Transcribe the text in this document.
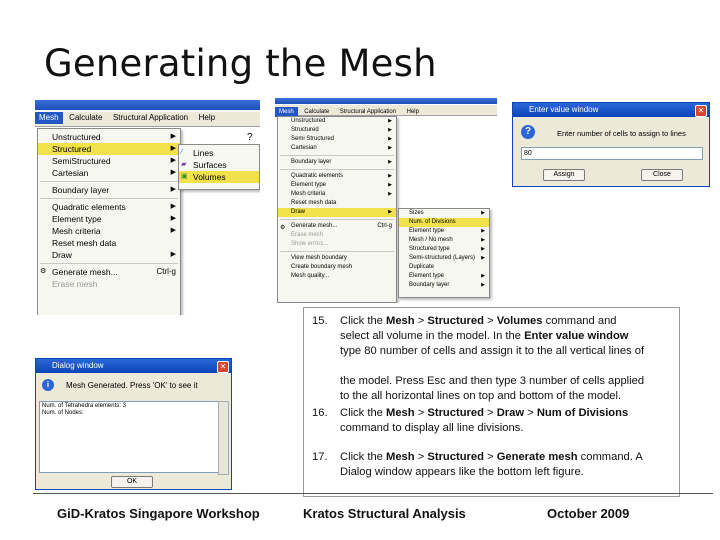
Generating the Mesh
Mesh Calculate Structural Application Help
Unstructured	▶
Structured	▶
SemiStructured	▶
Cartesian	▶
Boundary layer	▶
Quadratic elements	▶
Element type	▶
Mesh criteria	▶
Reset mesh data
Draw	▶
⚙ Generate mesh...	Ctrl-g
Erase mesh
⁄	Lines
▰ Surfaces
▣ Volumes
?
Mesh Calculate Structural Application Help
Unstructured	▶
Structured	▶
Semi Structured	▶
Cartesian	▶
Boundary layer	▶
Quadratic elements	▶
Element type	▶
Mesh criteria	▶
Reset mesh data
Draw	▶
⚙ Generate mesh...	Ctrl-g
Erase mesh
Show errors...
View mesh boundary
Create boundary mesh
Mesh quality...
Sizes	▶
Num. of Divisions
Element type	▶
Mesh / No mesh	▶
Structured type	▶
Semi-structured (Layers) ▶
Duplicate
Element type	▶
Boundary layer	▶
Enter value window	✕
?	Enter number of cells to assign to lines
80
Assign	Close
Dialog window	✕
i	Mesh Generated. Press 'OK' to see it
Num. of Tetrahedra elements: 3
Num. of Nodes:
OK
15. Click the Mesh > Structured > Volumes command and
select all volume in the model. In the Enter value window
type 80 number of cells and assign it to the all vertical lines of
the model. Press Esc and then type 3 number of cells applied
to the all horizontal lines on top and bottom of the model.
16. Click the Mesh > Structured > Draw > Num of Divisions
command to display all line divisions.
17. Click the Mesh > Structured > Generate mesh command. A
Dialog window appears like the bottom left figure.
GiD-Kratos Singapore Workshop	Kratos Structural Analysis	October 2009
